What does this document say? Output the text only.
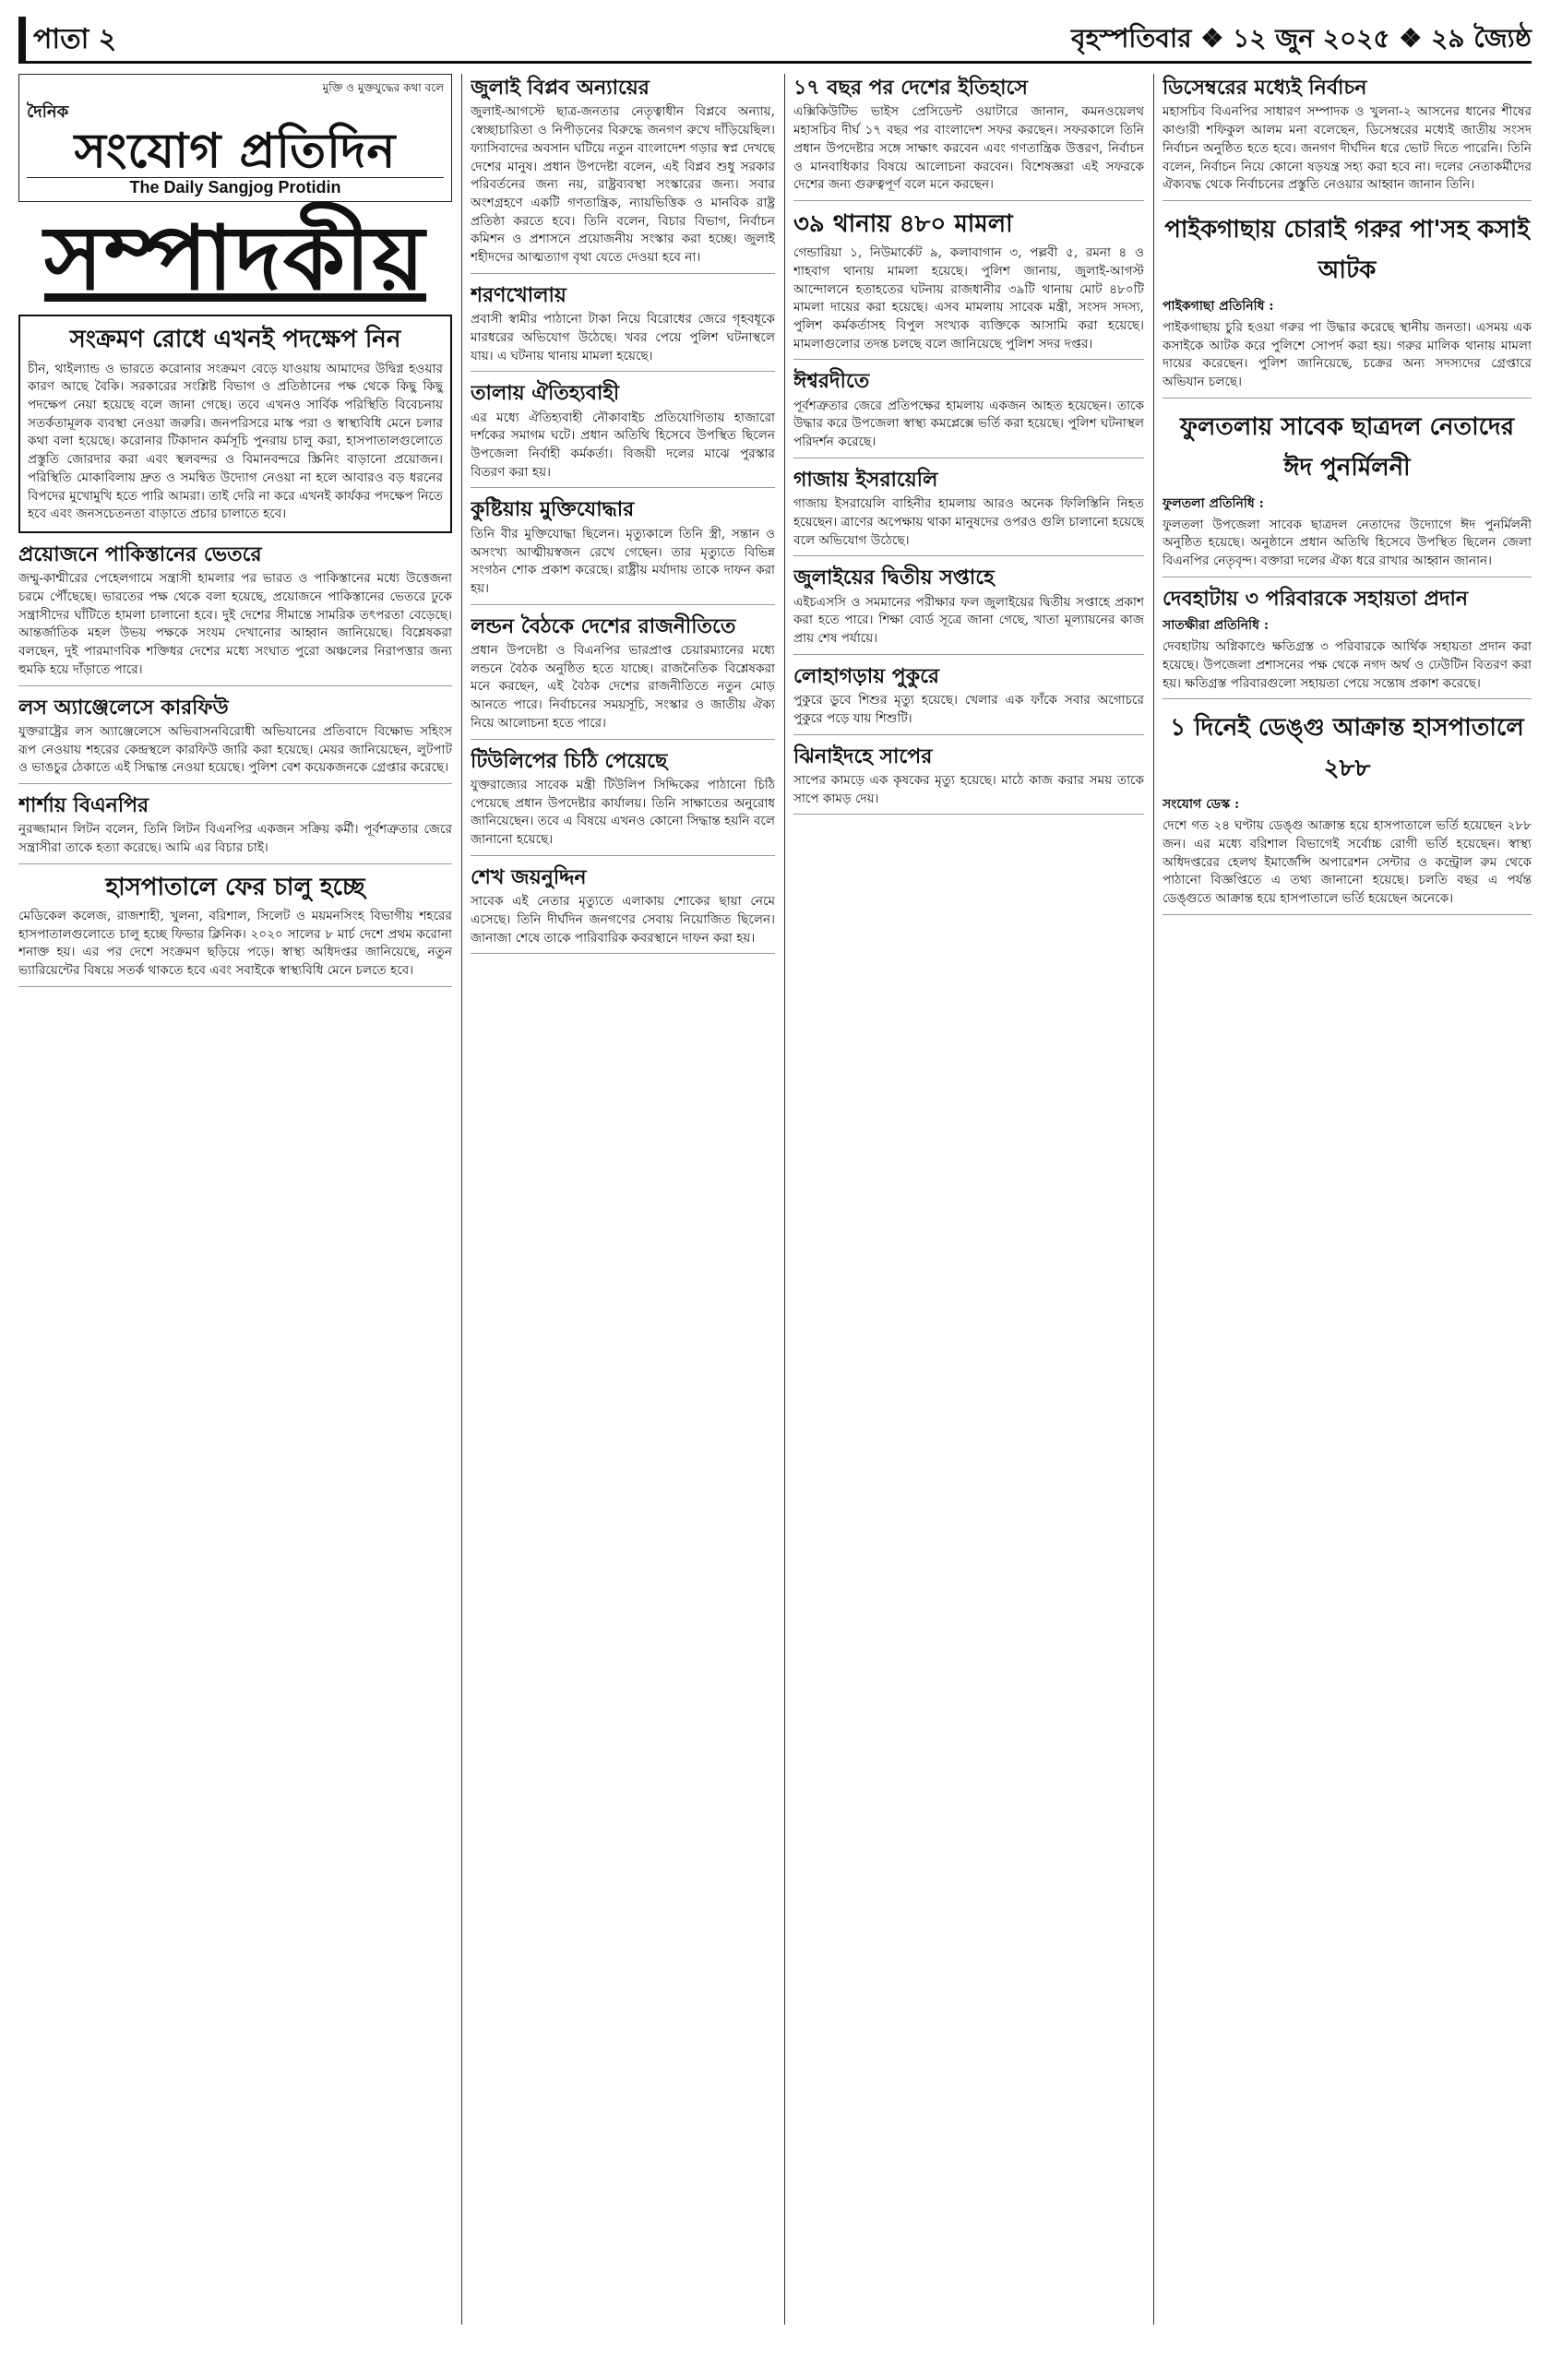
পাতা ২	বৃহস্পতিবার ❖ ১২ জুন ২০২৫ ❖ ২৯ জ্যৈষ্ঠ
মুক্তি ও মুক্তযুদ্ধের কথা বলে
দৈনিক
সংযোগ প্রতিদিন
The Daily Sangjog Protidin
সম্পাদকীয়
সংক্রমণ রোধে এখনই পদক্ষেপ নিন
চীন, থাইল্যান্ড ও ভারতে করোনার সংক্রমণ বেড়ে যাওয়ায় আমাদের উদ্বিগ্ন হওয়ার কারণ আছে বৈকি। সরকারের সংশ্লিষ্ট বিভাগ ও প্রতিষ্ঠানের পক্ষ থেকে কিছু কিছু পদক্ষেপ নেয়া হয়েছে বলে জানা গেছে। তবে এখনও সার্বিক পরিস্থিতি বিবেচনায় সতর্কতামূলক ব্যবস্থা নেওয়া জরুরি। জনপরিসরে মাস্ক পরা ও স্বাস্থ্যবিধি মেনে চলার কথা বলা হয়েছে। করোনার টিকাদান কর্মসূচি পুনরায় চালু করা, হাসপাতালগুলোতে প্রস্তুতি জোরদার করা এবং স্থলবন্দর ও বিমানবন্দরে স্ক্রিনিং বাড়ানো প্রয়োজন। পরিস্থিতি মোকাবিলায় দ্রুত ও সমন্বিত উদ্যোগ নেওয়া না হলে আবারও বড় ধরনের বিপদের মুখোমুখি হতে পারি আমরা। তাই দেরি না করে এখনই কার্যকর পদক্ষেপ নিতে হবে এবং জনসচেতনতা বাড়াতে প্রচার চালাতে হবে।
প্রয়োজনে পাকিস্তানের ভেতরে
জম্মু-কাশ্মীরের পেহেলগামে সন্ত্রাসী হামলার পর ভারত ও পাকিস্তানের মধ্যে উত্তেজনা চরমে পৌঁছেছে। ভারতের পক্ষ থেকে বলা হয়েছে, প্রয়োজনে পাকিস্তানের ভেতরে ঢুকে সন্ত্রাসীদের ঘাঁটিতে হামলা চালানো হবে। দুই দেশের সীমান্তে সামরিক তৎপরতা বেড়েছে। আন্তর্জাতিক মহল উভয় পক্ষকে সংযম দেখানোর আহ্বান জানিয়েছে। বিশ্লেষকরা বলছেন, দুই পারমাণবিক শক্তিধর দেশের মধ্যে সংঘাত পুরো অঞ্চলের নিরাপত্তার জন্য হুমকি হয়ে দাঁড়াতে পারে।
লস অ্যাঞ্জেলেসে কারফিউ
যুক্তরাষ্ট্রের লস অ্যাঞ্জেলেসে অভিবাসনবিরোধী অভিযানের প্রতিবাদে বিক্ষোভ সহিংস রূপ নেওয়ায় শহরের কেন্দ্রস্থলে কারফিউ জারি করা হয়েছে। মেয়র জানিয়েছেন, লুটপাট ও ভাঙচুর ঠেকাতে এই সিদ্ধান্ত নেওয়া হয়েছে। পুলিশ বেশ কয়েকজনকে গ্রেপ্তার করেছে।
শার্শায় বিএনপির
নুরজ্জামান লিটন বলেন, তিনি লিটন বিএনপির একজন সক্রিয় কর্মী। পূর্বশত্রুতার জেরে সন্ত্রাসীরা তাকে হত্যা করেছে। আমি এর বিচার চাই।
হাসপাতালে ফের চালু হচ্ছে
মেডিকেল কলেজ, রাজশাহী, খুলনা, বরিশাল, সিলেট ও ময়মনসিংহ বিভাগীয় শহরের হাসপাতালগুলোতে চালু হচ্ছে ফিভার ক্লিনিক। ২০২০ সালের ৮ মার্চ দেশে প্রথম করোনা শনাক্ত হয়। এর পর দেশে সংক্রমণ ছড়িয়ে পড়ে। স্বাস্থ্য অধিদপ্তর জানিয়েছে, নতুন ভ্যারিয়েন্টের বিষয়ে সতর্ক থাকতে হবে এবং সবাইকে স্বাস্থ্যবিধি মেনে চলতে হবে।
জুলাই বিপ্লব অন্যায়ের
জুলাই-আগস্টে ছাত্র-জনতার নেতৃত্বাধীন বিপ্লবে অন্যায়, স্বেচ্ছাচারিতা ও নিপীড়নের বিরুদ্ধে জনগণ রুখে দাঁড়িয়েছিল। ফ্যাসিবাদের অবসান ঘটিয়ে নতুন বাংলাদেশ গড়ার স্বপ্ন দেখছে দেশের মানুষ। প্রধান উপদেষ্টা বলেন, এই বিপ্লব শুধু সরকার পরিবর্তনের জন্য নয়, রাষ্ট্রব্যবস্থা সংস্কারের জন্য। সবার অংশগ্রহণে একটি গণতান্ত্রিক, ন্যায়ভিত্তিক ও মানবিক রাষ্ট্র প্রতিষ্ঠা করতে হবে। তিনি বলেন, বিচার বিভাগ, নির্বাচন কমিশন ও প্রশাসনে প্রয়োজনীয় সংস্কার করা হচ্ছে। জুলাই শহীদদের আত্মত্যাগ বৃথা যেতে দেওয়া হবে না।
শরণখোলায়
প্রবাসী স্বামীর পাঠানো টাকা নিয়ে বিরোধের জেরে গৃহবধূকে মারধরের অভিযোগ উঠেছে। খবর পেয়ে পুলিশ ঘটনাস্থলে যায়। এ ঘটনায় থানায় মামলা হয়েছে।
তালায় ঐতিহ্যবাহী
এর মধ্যে ঐতিহ্যবাহী নৌকাবাইচ প্রতিযোগিতায় হাজারো দর্শকের সমাগম ঘটে। প্রধান অতিথি হিসেবে উপস্থিত ছিলেন উপজেলা নির্বাহী কর্মকর্তা। বিজয়ী দলের মাঝে পুরস্কার বিতরণ করা হয়।
কুষ্টিয়ায় মুক্তিযোদ্ধার
তিনি বীর মুক্তিযোদ্ধা ছিলেন। মৃত্যুকালে তিনি স্ত্রী, সন্তান ও অসংখ্য আত্মীয়স্বজন রেখে গেছেন। তার মৃত্যুতে বিভিন্ন সংগঠন শোক প্রকাশ করেছে। রাষ্ট্রীয় মর্যাদায় তাকে দাফন করা হয়।
লন্ডন বৈঠকে দেশের রাজনীতিতে
প্রধান উপদেষ্টা ও বিএনপির ভারপ্রাপ্ত চেয়ারম্যানের মধ্যে লন্ডনে বৈঠক অনুষ্ঠিত হতে যাচ্ছে। রাজনৈতিক বিশ্লেষকরা মনে করছেন, এই বৈঠক দেশের রাজনীতিতে নতুন মোড় আনতে পারে। নির্বাচনের সময়সূচি, সংস্কার ও জাতীয় ঐক্য নিয়ে আলোচনা হতে পারে।
টিউলিপের চিঠি পেয়েছে
যুক্তরাজ্যের সাবেক মন্ত্রী টিউলিপ সিদ্দিকের পাঠানো চিঠি পেয়েছে প্রধান উপদেষ্টার কার্যালয়। তিনি সাক্ষাতের অনুরোধ জানিয়েছেন। তবে এ বিষয়ে এখনও কোনো সিদ্ধান্ত হয়নি বলে জানানো হয়েছে।
শেখ জয়নুদ্দিন
সাবেক এই নেতার মৃত্যুতে এলাকায় শোকের ছায়া নেমে এসেছে। তিনি দীর্ঘদিন জনগণের সেবায় নিয়োজিত ছিলেন। জানাজা শেষে তাকে পারিবারিক কবরস্থানে দাফন করা হয়।
১৭ বছর পর দেশের ইতিহাসে
এক্সিকিউটিভ ভাইস প্রেসিডেন্ট ওয়াটারে জানান, কমনওয়েলথ মহাসচিব দীর্ঘ ১৭ বছর পর বাংলাদেশ সফর করছেন। সফরকালে তিনি প্রধান উপদেষ্টার সঙ্গে সাক্ষাৎ করবেন এবং গণতান্ত্রিক উত্তরণ, নির্বাচন ও মানবাধিকার বিষয়ে আলোচনা করবেন। বিশেষজ্ঞরা এই সফরকে দেশের জন্য গুরুত্বপূর্ণ বলে মনে করছেন।
৩৯ থানায় ৪৮০ মামলা
গেন্ডারিয়া ১, নিউমার্কেট ৯, কলাবাগান ৩, পল্লবী ৫, রমনা ৪ ও শাহবাগ থানায় মামলা হয়েছে। পুলিশ জানায়, জুলাই-আগস্ট আন্দোলনে হতাহতের ঘটনায় রাজধানীর ৩৯টি থানায় মোট ৪৮০টি মামলা দায়ের করা হয়েছে। এসব মামলায় সাবেক মন্ত্রী, সংসদ সদস্য, পুলিশ কর্মকর্তাসহ বিপুল সংখ্যক ব্যক্তিকে আসামি করা হয়েছে। মামলাগুলোর তদন্ত চলছে বলে জানিয়েছে পুলিশ সদর দপ্তর।
ঈশ্বরদীতে
পূর্বশত্রুতার জেরে প্রতিপক্ষের হামলায় একজন আহত হয়েছেন। তাকে উদ্ধার করে উপজেলা স্বাস্থ্য কমপ্লেক্সে ভর্তি করা হয়েছে। পুলিশ ঘটনাস্থল পরিদর্শন করেছে।
গাজায় ইসরায়েলি
গাজায় ইসরায়েলি বাহিনীর হামলায় আরও অনেক ফিলিস্তিনি নিহত হয়েছেন। ত্রাণের অপেক্ষায় থাকা মানুষদের ওপরও গুলি চালানো হয়েছে বলে অভিযোগ উঠেছে।
জুলাইয়ের দ্বিতীয় সপ্তাহে
এইচএসসি ও সমমানের পরীক্ষার ফল জুলাইয়ের দ্বিতীয় সপ্তাহে প্রকাশ করা হতে পারে। শিক্ষা বোর্ড সূত্রে জানা গেছে, খাতা মূল্যায়নের কাজ প্রায় শেষ পর্যায়ে।
লোহাগড়ায় পুকুরে
পুকুরে ডুবে শিশুর মৃত্যু হয়েছে। খেলার এক ফাঁকে সবার অগোচরে পুকুরে পড়ে যায় শিশুটি।
ঝিনাইদহে সাপের
সাপের কামড়ে এক কৃষকের মৃত্যু হয়েছে। মাঠে কাজ করার সময় তাকে সাপে কামড় দেয়।
ডিসেম্বরের মধ্যেই নির্বাচন
মহাসচিব বিএনপির সাধারণ সম্পাদক ও খুলনা-২ আসনের ধানের শীষের কাণ্ডারী শফিকুল আলম মনা বলেছেন, ডিসেম্বরের মধ্যেই জাতীয় সংসদ নির্বাচন অনুষ্ঠিত হতে হবে। জনগণ দীর্ঘদিন ধরে ভোট দিতে পারেনি। তিনি বলেন, নির্বাচন নিয়ে কোনো ষড়যন্ত্র সহ্য করা হবে না। দলের নেতাকর্মীদের ঐক্যবদ্ধ থেকে নির্বাচনের প্রস্তুতি নেওয়ার আহ্বান জানান তিনি।
পাইকগাছায় চোরাই গরুর পা'সহ কসাই আটক
পাইকগাছা প্রতিনিধি :
পাইকগাছায় চুরি হওয়া গরুর পা উদ্ধার করেছে স্থানীয় জনতা। এসময় এক কসাইকে আটক করে পুলিশে সোপর্দ করা হয়। গরুর মালিক থানায় মামলা দায়ের করেছেন। পুলিশ জানিয়েছে, চক্রের অন্য সদস্যদের গ্রেপ্তারে অভিযান চলছে।
ফুলতলায় সাবেক ছাত্রদল নেতাদের ঈদ পুনর্মিলনী
ফুলতলা প্রতিনিধি :
ফুলতলা উপজেলা সাবেক ছাত্রদল নেতাদের উদ্যোগে ঈদ পুনর্মিলনী অনুষ্ঠিত হয়েছে। অনুষ্ঠানে প্রধান অতিথি হিসেবে উপস্থিত ছিলেন জেলা বিএনপির নেতৃবৃন্দ। বক্তারা দলের ঐক্য ধরে রাখার আহ্বান জানান।
দেবহাটায় ৩ পরিবারকে সহায়তা প্রদান
সাতক্ষীরা প্রতিনিধি :
দেবহাটায় অগ্নিকাণ্ডে ক্ষতিগ্রস্ত ৩ পরিবারকে আর্থিক সহায়তা প্রদান করা হয়েছে। উপজেলা প্রশাসনের পক্ষ থেকে নগদ অর্থ ও ঢেউটিন বিতরণ করা হয়। ক্ষতিগ্রস্ত পরিবারগুলো সহায়তা পেয়ে সন্তোষ প্রকাশ করেছে।
১ দিনেই ডেঙ্গু আক্রান্ত হাসপাতালে ২৮৮
সংযোগ ডেস্ক :
দেশে গত ২৪ ঘণ্টায় ডেঙ্গু আক্রান্ত হয়ে হাসপাতালে ভর্তি হয়েছেন ২৮৮ জন। এর মধ্যে বরিশাল বিভাগেই সর্বোচ্চ রোগী ভর্তি হয়েছেন। স্বাস্থ্য অধিদপ্তরের হেলথ ইমার্জেন্সি অপারেশন সেন্টার ও কন্ট্রোল রুম থেকে পাঠানো বিজ্ঞপ্তিতে এ তথ্য জানানো হয়েছে। চলতি বছর এ পর্যন্ত ডেঙ্গুতে আক্রান্ত হয়ে হাসপাতালে ভর্তি হয়েছেন অনেকে।
